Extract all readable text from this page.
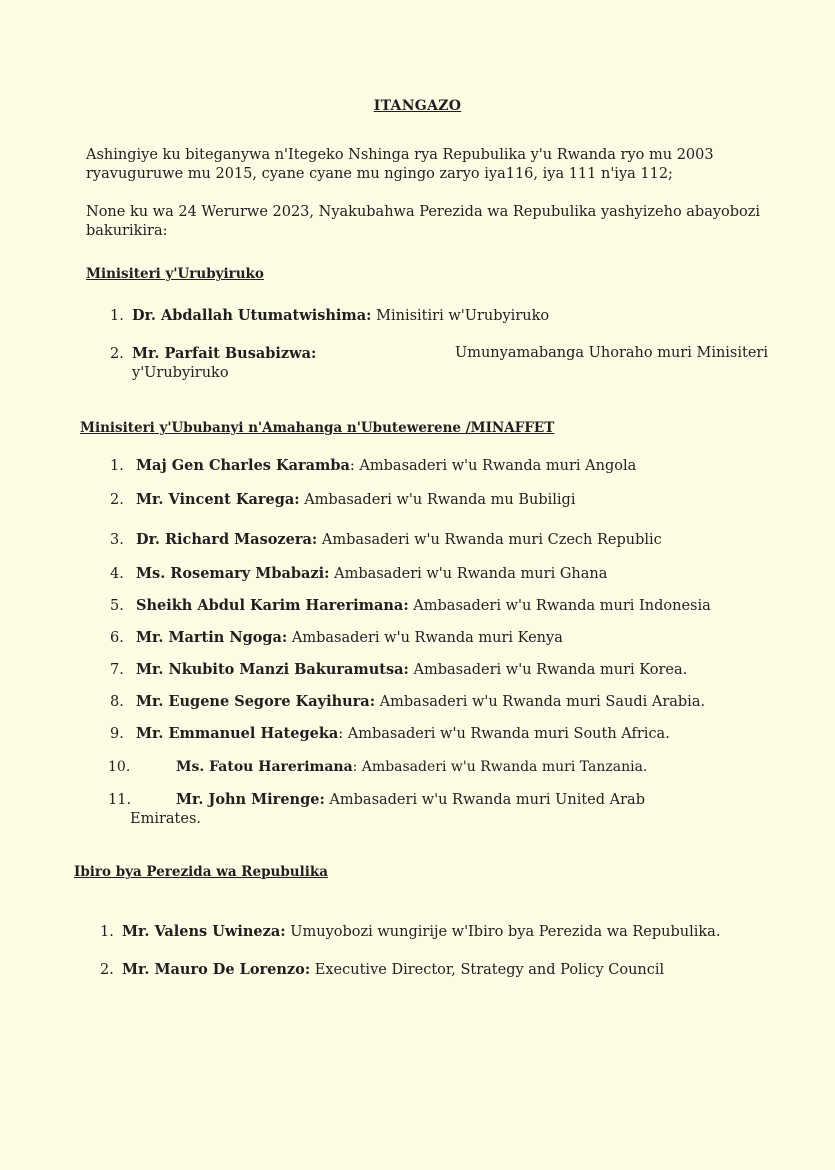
ITANGAZO

Ashingiye ku biteganywa n'Itegeko Nshinga rya Repubulika y'u Rwanda ryo mu 2003 ryavuguruwe mu 2015, cyane cyane mu ngingo zaryo iya116, iya 111 n'iya 112;

None ku wa 24 Werurwe 2023, Nyakubahwa Perezida wa Repubulika yashyizeho abayobozi bakurikira:

Minisiteri y'Urubyiruko

1. Dr. Abdallah Utumatwishima: Minisitiri w'Urubyiruko

2. Mr. Parfait Busabizwa:	Umunyamabanga Uhoraho muri Minisiteri
y'Urubyiruko

Minisiteri y'Ububanyi n'Amahanga n'Ubutewerene /MINAFFET

1. Maj Gen Charles Karamba: Ambasaderi w'u Rwanda muri Angola

2. Mr. Vincent Karega: Ambasaderi w'u Rwanda mu Bubiligi

3. Dr. Richard Masozera: Ambasaderi w'u Rwanda muri Czech Republic

4. Ms. Rosemary Mbabazi: Ambasaderi w'u Rwanda muri Ghana

5. Sheikh Abdul Karim Harerimana: Ambasaderi w'u Rwanda muri Indonesia

6. Mr. Martin Ngoga: Ambasaderi w'u Rwanda muri Kenya

7. Mr. Nkubito Manzi Bakuramutsa: Ambasaderi w'u Rwanda muri Korea.

8. Mr. Eugene Segore Kayihura: Ambasaderi w'u Rwanda muri Saudi Arabia.

9. Mr. Emmanuel Hategeka: Ambasaderi w'u Rwanda muri South Africa.

10.	Ms. Fatou Harerimana: Ambasaderi w'u Rwanda muri Tanzania.

11.	Mr. John Mirenge: Ambasaderi w'u Rwanda muri United Arab
Emirates.

Ibiro bya Perezida wa Repubulika

1. Mr. Valens Uwineza: Umuyobozi wungirije w'Ibiro bya Perezida wa Repubulika.

2. Mr. Mauro De Lorenzo: Executive Director, Strategy and Policy Council
